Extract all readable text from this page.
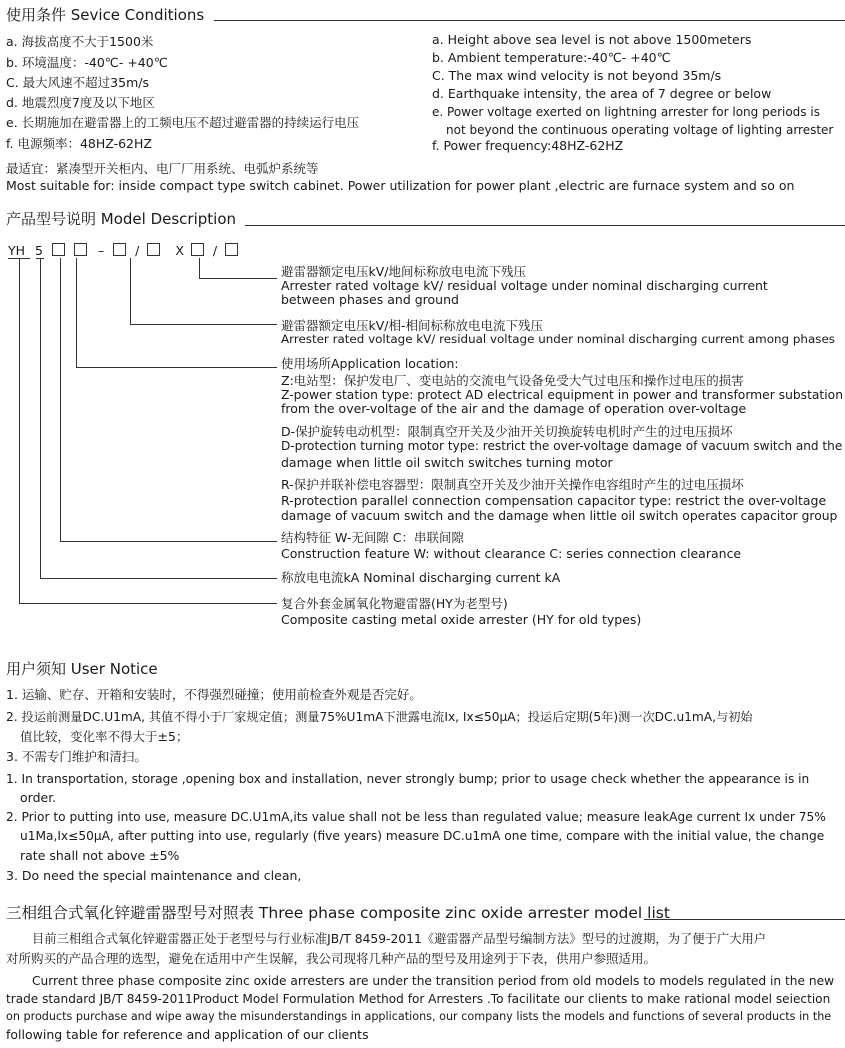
使用条件 Sevice Conditions
a. 海拔高度不大于1500米
b. 环境温度：-40℃- +40℃
C. 最大风速不超过35m/s
d. 地震烈度7度及以下地区
e. 长期施加在避雷器上的工频电压不超过避雷器的持续运行电压
f. 电源频率：48HZ-62HZ
a. Height above sea level is not above 1500meters
b. Ambient temperature:-40℃- +40℃
C. The max wind velocity is not beyond 35m/s
d. Earthquake intensity, the area of 7 degree or below
e. Power voltage exerted on lightning arrester for long periods is
not beyond the continuous operating voltage of lighting arrester
f. Power frequency:48HZ-62HZ
最适宜：紧凑型开关柜内、电厂厂用系统、电弧炉系统等
Most suitable for: inside compact type switch cabinet. Power utilization for power plant ,electric are furnace system and so on
产品型号说明 Model Description
YH 5	– /	X /
避雷器额定电压kV/地间标称放电电流下残压
Arrester rated voltage kV/ residual voltage under nominal discharging current
between phases and ground
避雷器额定电压kV/相-相间标称放电电流下残压
Arrester rated voltage kV/ residual voltage under nominal discharging current among phases
使用场所Application location:
Z:电站型：保护发电厂、变电站的交流电气设备免受大气过电压和操作过电压的损害
Z-power station type: protect AD electrical equipment in power and transformer substation
from the over-voltage of the air and the damage of operation over-voltage
D-保护旋转电动机型：限制真空开关及少油开关切换旋转电机时产生的过电压损坏
D-protection turning motor type: restrict the over-voltage damage of vacuum switch and the
damage when little oil switch switches turning motor
R-保护并联补偿电容器型：限制真空开关及少油开关操作电容组时产生的过电压损坏
R-protection parallel connection compensation capacitor type: restrict the over-voltage
damage of vacuum switch and the damage when little oil switch operates capacitor group
结构特征 W-无间隙 C：串联间隙
Construction feature W: without clearance C: series connection clearance
称放电电流kA Nominal discharging current kA
复合外套金属氧化物避雷器(HY为老型号)
Composite casting metal oxide arrester (HY for old types)
用户须知 User Notice
1. 运输、贮存、开箱和安装时，不得强烈碰撞；使用前检查外观是否完好。
2. 投运前测量DC.U1mA, 其值不得小于厂家规定值；测量75%U1mA下泄露电流Ix, Ix≤50μA；投运后定期(5年)测一次DC.u1mA,与初始
值比较，变化率不得大于±5；
3. 不需专门维护和清扫。
1. In transportation, storage ,opening box and installation, never strongly bump; prior to usage check whether the appearance is in
order.
2. Prior to putting into use, measure DC.U1mA,its value shall not be less than regulated value; measure leakAge current Ix under 75%
u1Ma,Ix≤50μA, after putting into use, regularly (five years) measure DC.u1mA one time, compare with the initial value, the change
rate shall not above ±5%
3. Do need the special maintenance and clean,
三相组合式氧化锌避雷器型号对照表 Three phase composite zinc oxide arrester model list
目前三相组合式氧化锌避雷器正处于老型号与行业标准JB/T 8459-2011《避雷器产品型号编制方法》型号的过渡期，为了便于广大用户
对所购买的产品合理的选型，避免在适用中产生误解，我公司现将几种产品的型号及用途列于下表，供用户参照适用。
Current three phase composite zinc oxide arresters are under the transition period from old models to models regulated in the new
trade standard JB/T 8459-2011Product Model Formulation Method for Arresters .To facilitate our clients to make rational model seiection
on products purchase and wipe away the misunderstandings in applications, our company lists the models and functions of several products in the
following table for reference and application of our clients
